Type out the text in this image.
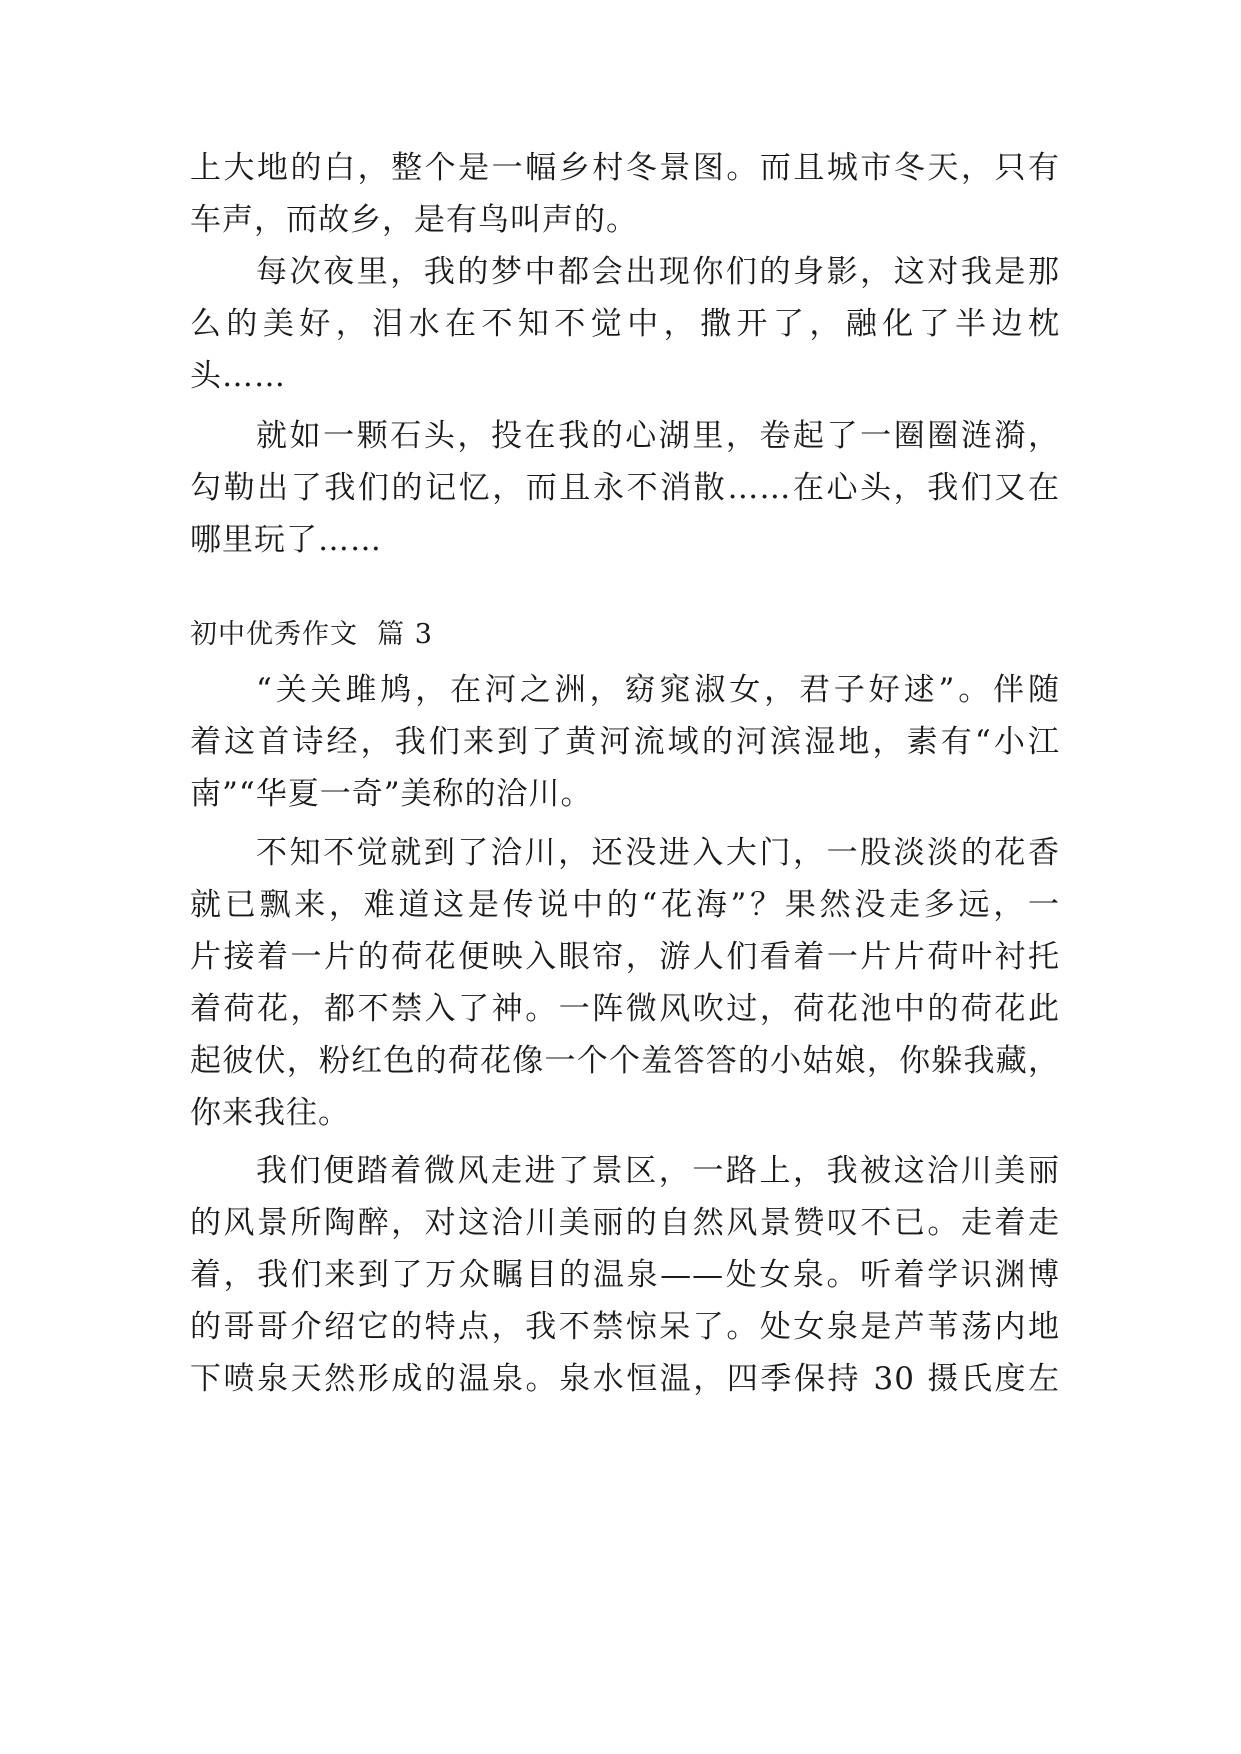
上大地的白，整个是一幅乡村冬景图。而且城市冬天，只有
车声，而故乡，是有鸟叫声的。
每次夜里，我的梦中都会出现你们的身影，这对我是那
么的美好，泪水在不知不觉中，撒开了，融化了半边枕
头……
就如一颗石头，投在我的心湖里，卷起了一圈圈涟漪，
勾勒出了我们的记忆，而且永不消散……在心头，我们又在
哪里玩了……
初中优秀作文  篇 3
“关关雎鸠，在河之洲，窈窕淑女，君子好逑”。伴随
着这首诗经，我们来到了黄河流域的河滨湿地，素有“小江
南”“华夏一奇”美称的洽川。
不知不觉就到了洽川，还没进入大门，一股淡淡的花香
就已飘来，难道这是传说中的“花海”？果然没走多远，一
片接着一片的荷花便映入眼帘，游人们看着一片片荷叶衬托
着荷花，都不禁入了神。一阵微风吹过，荷花池中的荷花此
起彼伏，粉红色的荷花像一个个羞答答的小姑娘，你躲我藏，
你来我往。
我们便踏着微风走进了景区，一路上，我被这洽川美丽
的风景所陶醉，对这洽川美丽的自然风景赞叹不已。走着走
着，我们来到了万众瞩目的温泉——处女泉。听着学识渊博
的哥哥介绍它的特点，我不禁惊呆了。处女泉是芦苇荡内地
下喷泉天然形成的温泉。泉水恒温，四季保持 30 摄氏度左
